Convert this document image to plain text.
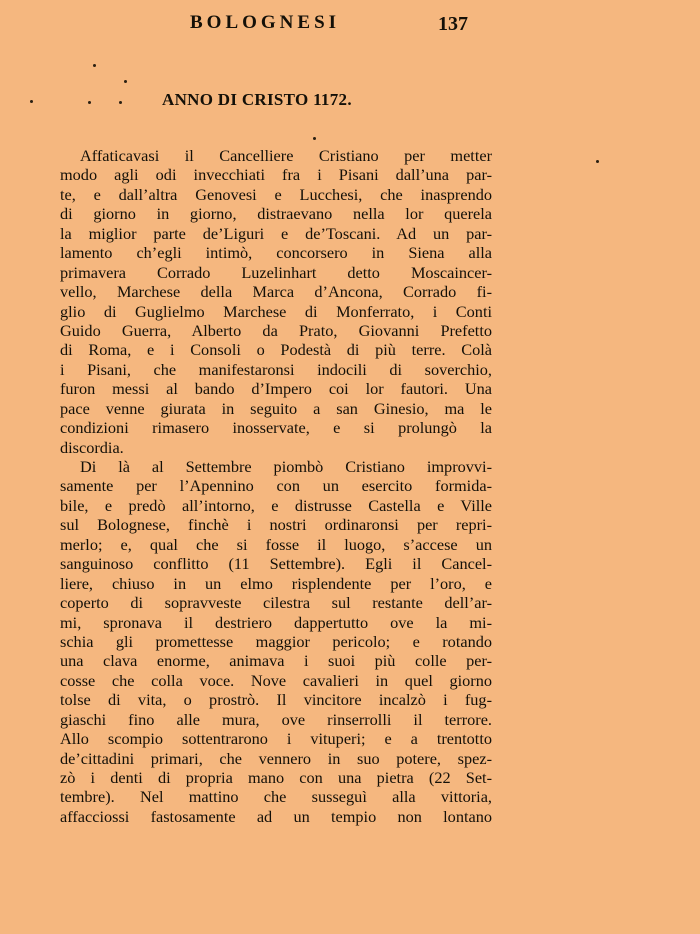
BOLOGNESI	137
ANNO DI CRISTO 1172.
Affaticavasi il Cancelliere Cristiano per metter
modo agli odi invecchiati fra i Pisani dall’una par-
te, e dall’altra Genovesi e Lucchesi, che inasprendo
di giorno in giorno, distraevano nella lor querela
la miglior parte de’Liguri e de’Toscani. Ad un par-
lamento ch’egli intimò, concorsero in Siena alla
primavera Corrado Luzelinhart detto Moscaincer-
vello, Marchese della Marca d’Ancona, Corrado fi-
glio di Guglielmo Marchese di Monferrato, i Conti
Guido Guerra, Alberto da Prato, Giovanni Prefetto
di Roma, e i Consoli o Podestà di più terre. Colà
i Pisani, che manifestaronsi indocili di soverchio,
furon messi al bando d’Impero coi lor fautori. Una
pace venne giurata in seguito a san Ginesio, ma le
condizioni rimasero inosservate, e si prolungò la
discordia.
Di là al Settembre piombò Cristiano improvvi-
samente per l’Apennino con un esercito formida-
bile, e predò all’intorno, e distrusse Castella e Ville
sul Bolognese, finchè i nostri ordinaronsi per repri-
merlo; e, qual che si fosse il luogo, s’accese un
sanguinoso conflitto (11 Settembre). Egli il Cancel-
liere, chiuso in un elmo risplendente per l’oro, e
coperto di sopravveste cilestra sul restante dell’ar-
mi, spronava il destriero dappertutto ove la mi-
schia gli promettesse maggior pericolo; e rotando
una clava enorme, animava i suoi più colle per-
cosse che colla voce. Nove cavalieri in quel giorno
tolse di vita, o prostrò. Il vincitore incalzò i fug-
giaschi fino alle mura, ove rinserrolli il terrore.
Allo scompio sottentrarono i vituperi; e a trentotto
de’cittadini primari, che vennero in suo potere, spez-
zò i denti di propria mano con una pietra (22 Set-
tembre). Nel mattino che susseguì alla vittoria,
affacciossi fastosamente ad un tempio non lontano
